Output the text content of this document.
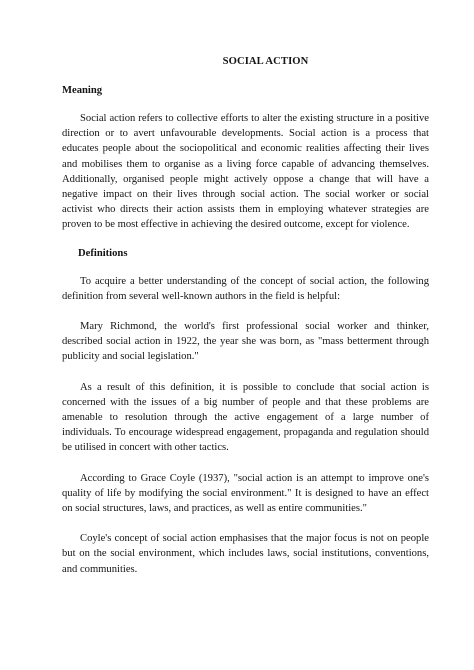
SOCIAL ACTION
Meaning

Social action refers to collective efforts to alter the existing structure in a positive direction or to avert unfavourable developments. Social action is a process that educates people about the sociopolitical and economic realities affecting their lives and mobilises them to organise as a living force capable of advancing themselves. Additionally, organised people might actively oppose a change that will have a negative impact on their lives through social action. The social worker or social activist who directs their action assists them in employing whatever strategies are proven to be most effective in achieving the desired outcome, except for violence.

Definitions

To acquire a better understanding of the concept of social action, the following definition from several well-known authors in the field is helpful:

Mary Richmond, the world's first professional social worker and thinker, described social action in 1922, the year she was born, as "mass betterment through publicity and social legislation."

As a result of this definition, it is possible to conclude that social action is concerned with the issues of a big number of people and that these problems are amenable to resolution through the active engagement of a large number of individuals. To encourage widespread engagement, propaganda and regulation should be utilised in concert with other tactics.

According to Grace Coyle (1937), "social action is an attempt to improve one's quality of life by modifying the social environment." It is designed to have an effect on social structures, laws, and practices, as well as entire communities."

Coyle's concept of social action emphasises that the major focus is not on people but on the social environment, which includes laws, social institutions, conventions, and communities.
